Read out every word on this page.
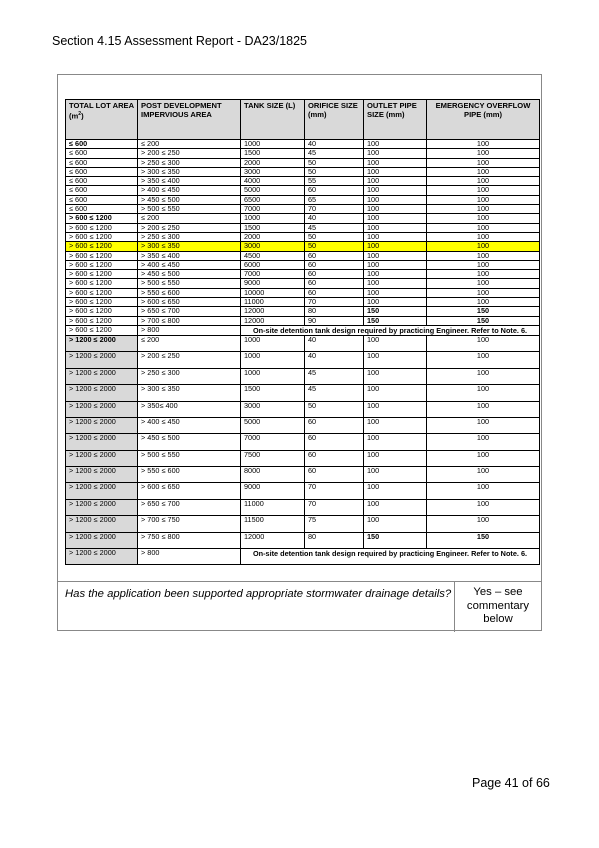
Section 4.15 Assessment Report - DA23/1825
TOTAL LOT AREA $(m^2)$	POST DEVELOPMENT IMPERVIOUS AREA	TANK SIZE (L)	ORIFICE SIZE (mm)	OUTLET PIPE SIZE (mm)	EMERGENCY OVERFLOW PIPE (mm)
≤ 600	≤ 200	1000	40	100	100
≤ 600	> 200 ≤ 250	1500	45	100	100
≤ 600	> 250 ≤ 300	2000	50	100	100
≤ 600	> 300 ≤ 350	3000	50	100	100
≤ 600	> 350 ≤ 400	4000	55	100	100
≤ 600	> 400 ≤ 450	5000	60	100	100
≤ 600	> 450 ≤ 500	6500	65	100	100
≤ 600	> 500 ≤ 550	7000	70	100	100
> 600 ≤ 1200	≤ 200	1000	40	100	100
> 600 ≤ 1200	> 200 ≤ 250	1500	45	100	100
> 600 ≤ 1200	> 250 ≤ 300	2000	50	100	100
> 600 ≤ 1200	> 300 ≤ 350	3000	50	100	100
> 600 ≤ 1200	> 350 ≤ 400	4500	60	100	100
> 600 ≤ 1200	> 400 ≤ 450	6000	60	100	100
> 600 ≤ 1200	> 450 ≤ 500	7000	60	100	100
> 600 ≤ 1200	> 500 ≤ 550	9000	60	100	100
> 600 ≤ 1200	> 550 ≤ 600	10000	60	100	100
> 600 ≤ 1200	> 600 ≤ 650	11000	70	100	100
> 600 ≤ 1200	> 650 ≤ 700	12000	80	150	150
> 600 ≤ 1200	> 700 ≤ 800	12000	90	150	150
> 600 ≤ 1200	> 800	On-site detention tank design required by practicing Engineer. Refer to Note. 6.			
> 1200 ≤ 2000	≤ 200	1000	40	100	100
> 1200 ≤ 2000	> 200 ≤ 250	1000	40	100	100
> 1200 ≤ 2000	> 250 ≤ 300	1000	45	100	100
> 1200 ≤ 2000	> 300 ≤ 350	1500	45	100	100
> 1200 ≤ 2000	> 350≤ 400	3000	50	100	100
> 1200 ≤ 2000	> 400 ≤ 450	5000	60	100	100
> 1200 ≤ 2000	> 450 ≤ 500	7000	60	100	100
> 1200 ≤ 2000	> 500 ≤ 550	7500	60	100	100
> 1200 ≤ 2000	> 550 ≤ 600	8000	60	100	100
> 1200 ≤ 2000	> 600 ≤ 650	9000	70	100	100
> 1200 ≤ 2000	> 650 ≤ 700	11000	70	100	100
> 1200 ≤ 2000	> 700 ≤ 750	11500	75	100	100
> 1200 ≤ 2000	> 750 ≤ 800	12000	80	150	150
> 1200 ≤ 2000	> 800	On-site detention tank design required by practicing Engineer. Refer to Note. 6.			
Has the application been supported appropriate stormwater drainage details?	Yes – see
commentary
below
Page 41 of 66
